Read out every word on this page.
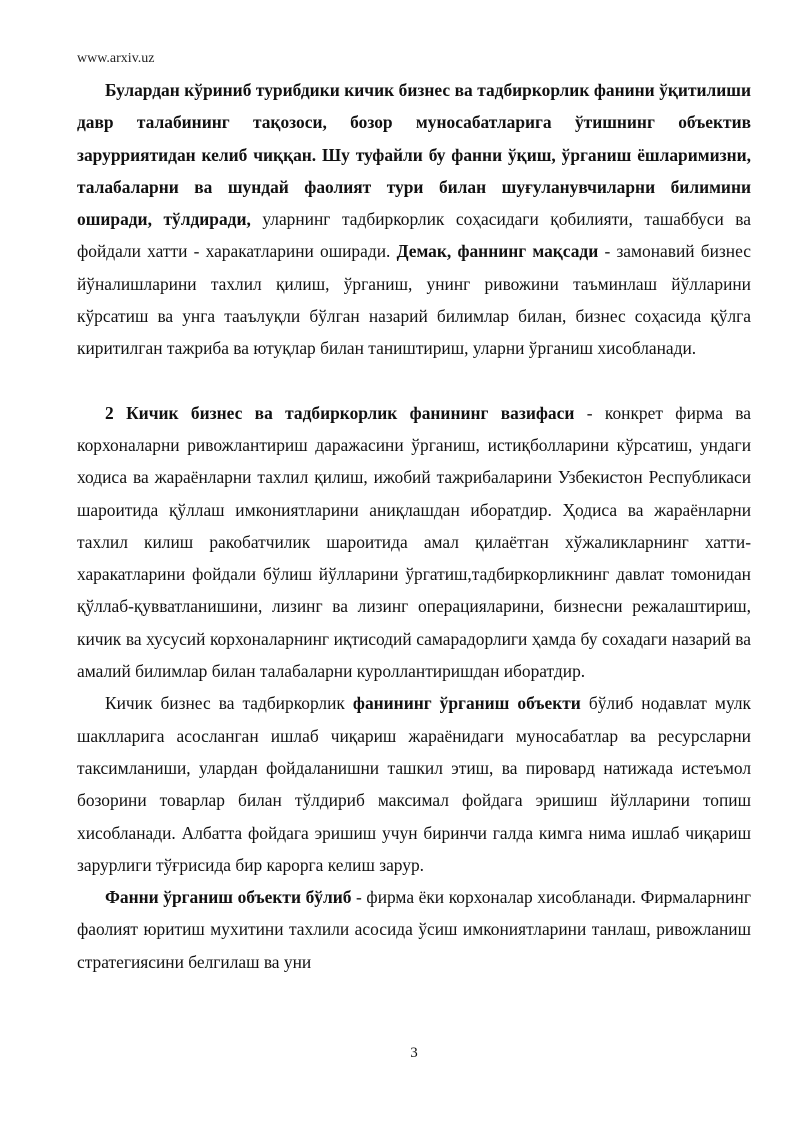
www.arxiv.uz

Булардан кўриниб турибдики кичик бизнес ва тадбиркорлик фанини ўқитилиши давр талабининг тақозоси, бозор муносабатларига ўтишнинг объектив зарурриятидан келиб чиққан. Шу туфайли бу фанни ўқиш, ўрганиш ёшларимизни, талабаларни ва шундай фаолият тури билан шуғуланувчиларни билимини оширади, тўлдиради, уларнинг тадбиркорлик соҳасидаги қобилияти, ташаббуси ва фойдали хатти - харакатларини оширади. Демак, фаннинг мақсади - замонавий бизнес йўналишларини тахлил қилиш, ўрганиш, унинг ривожини таъминлаш йўлларини кўрсатиш ва унга тааълуқли бўлган назарий билимлар билан, бизнес соҳасида қўлга киритилган тажриба ва ютуқлар билан таништириш, уларни ўрганиш хисобланади.

2 Кичик бизнес ва тадбиркорлик фанининг вазифаси - конкрет фирма ва корхоналарни ривожлантириш даражасини ўрганиш, истиқболларини кўрсатиш, ундаги ходиса ва жараёнларни тахлил қилиш, ижобий тажрибаларини Узбекистон Республикаси шароитида қўллаш имкониятларини аниқлашдан иборатдир. Ҳодиса ва жараёнларни тахлил килиш ракобатчилик шароитида амал қилаётган хўжаликларнинг хатти-харакатларини фойдали бўлиш йўлларини ўргатиш,тадбиркорликнинг давлат томонидан қўллаб-қувватланишини, лизинг ва лизинг операцияларини, бизнесни режалаштириш, кичик ва хусусий корхоналарнинг иқтисодий самарадорлиги ҳамда бу сохадаги назарий ва амалий билимлар билан талабаларни куроллантиришдан иборатдир.

Кичик бизнес ва тадбиркорлик фанининг ўрганиш объекти бўлиб нодавлат мулк шаклларига асосланган ишлаб чиқариш жараёнидаги муносабатлар ва ресурсларни таксимланиши, улардан фойдаланишни ташкил этиш, ва пировард натижада истеъмол бозорини товарлар билан тўлдириб максимал фойдага эришиш йўлларини топиш хисобланади. Албатта фойдага эришиш учун биринчи галда кимга нима ишлаб чиқариш зарурлиги тўғрисида бир карорга келиш зарур.

Фанни ўрганиш объекти бўлиб - фирма ёки корхоналар хисобланади. Фирмаларнинг фаолият юритиш мухитини тахлили асосида ўсиш имкониятларини танлаш, ривожланиш стратегиясини белгилаш ва уни

3
